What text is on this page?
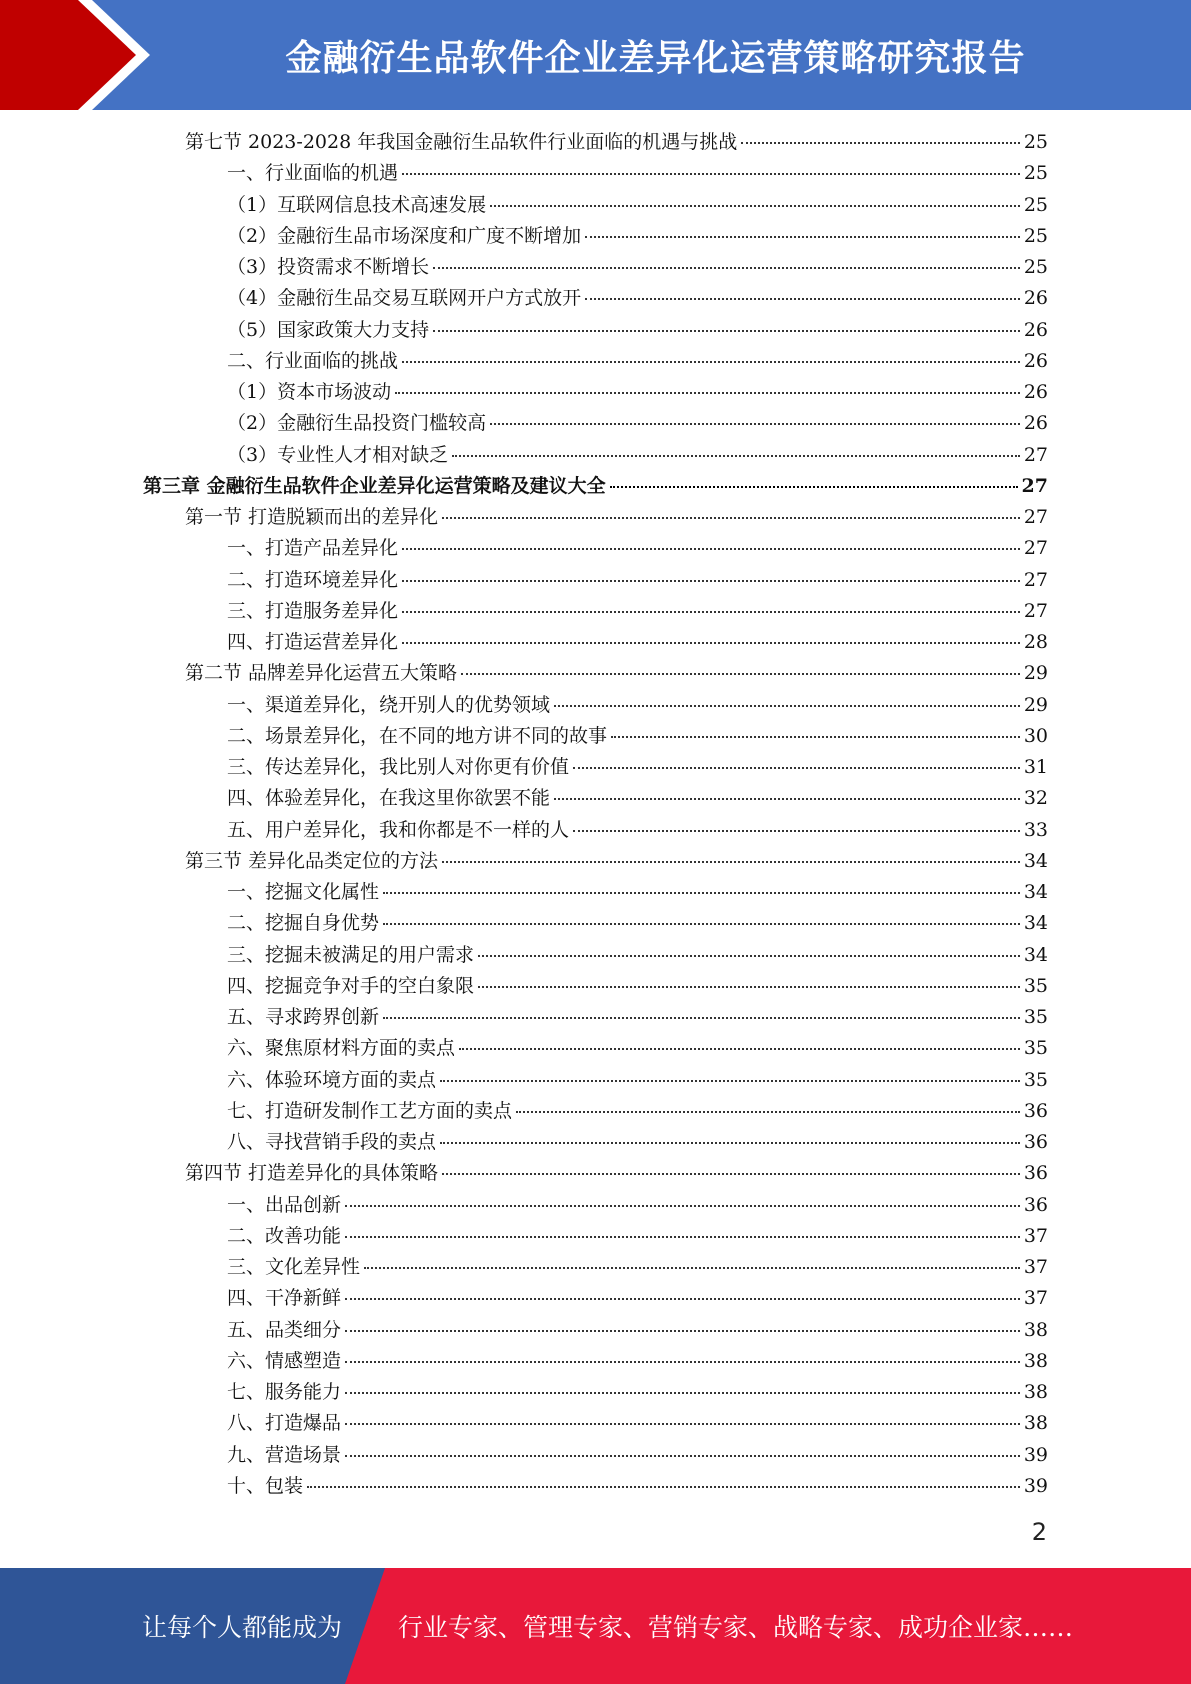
金融衍生品软件企业差异化运营策略研究报告
第七节 2023-2028 年我国金融衍生品软件行业面临的机遇与挑战	25
一、行业面临的机遇	25
（1）互联网信息技术高速发展	25
（2）金融衍生品市场深度和广度不断增加	25
（3）投资需求不断增长	25
（4）金融衍生品交易互联网开户方式放开	26
（5）国家政策大力支持	26
二、行业面临的挑战	26
（1）资本市场波动	26
（2）金融衍生品投资门槛较高	26
（3）专业性人才相对缺乏	27
第三章 金融衍生品软件企业差异化运营策略及建议大全	27
第一节 打造脱颖而出的差异化	27
一、打造产品差异化	27
二、打造环境差异化	27
三、打造服务差异化	27
四、打造运营差异化	28
第二节 品牌差异化运营五大策略	29
一、渠道差异化，绕开别人的优势领域	29
二、场景差异化，在不同的地方讲不同的故事	30
三、传达差异化，我比别人对你更有价值	31
四、体验差异化，在我这里你欲罢不能	32
五、用户差异化，我和你都是不一样的人	33
第三节 差异化品类定位的方法	34
一、挖掘文化属性	34
二、挖掘自身优势	34
三、挖掘未被满足的用户需求	34
四、挖掘竞争对手的空白象限	35
五、寻求跨界创新	35
六、聚焦原材料方面的卖点	35
六、体验环境方面的卖点	35
七、打造研发制作工艺方面的卖点	36
八、寻找营销手段的卖点	36
第四节 打造差异化的具体策略	36
一、出品创新	36
二、改善功能	37
三、文化差异性	37
四、干净新鲜	37
五、品类细分	38
六、情感塑造	38
七、服务能力	38
八、打造爆品	38
九、营造场景	39
十、包装	39
2
让每个人都能成为 行业专家、管理专家、营销专家、战略专家、成功企业家……
